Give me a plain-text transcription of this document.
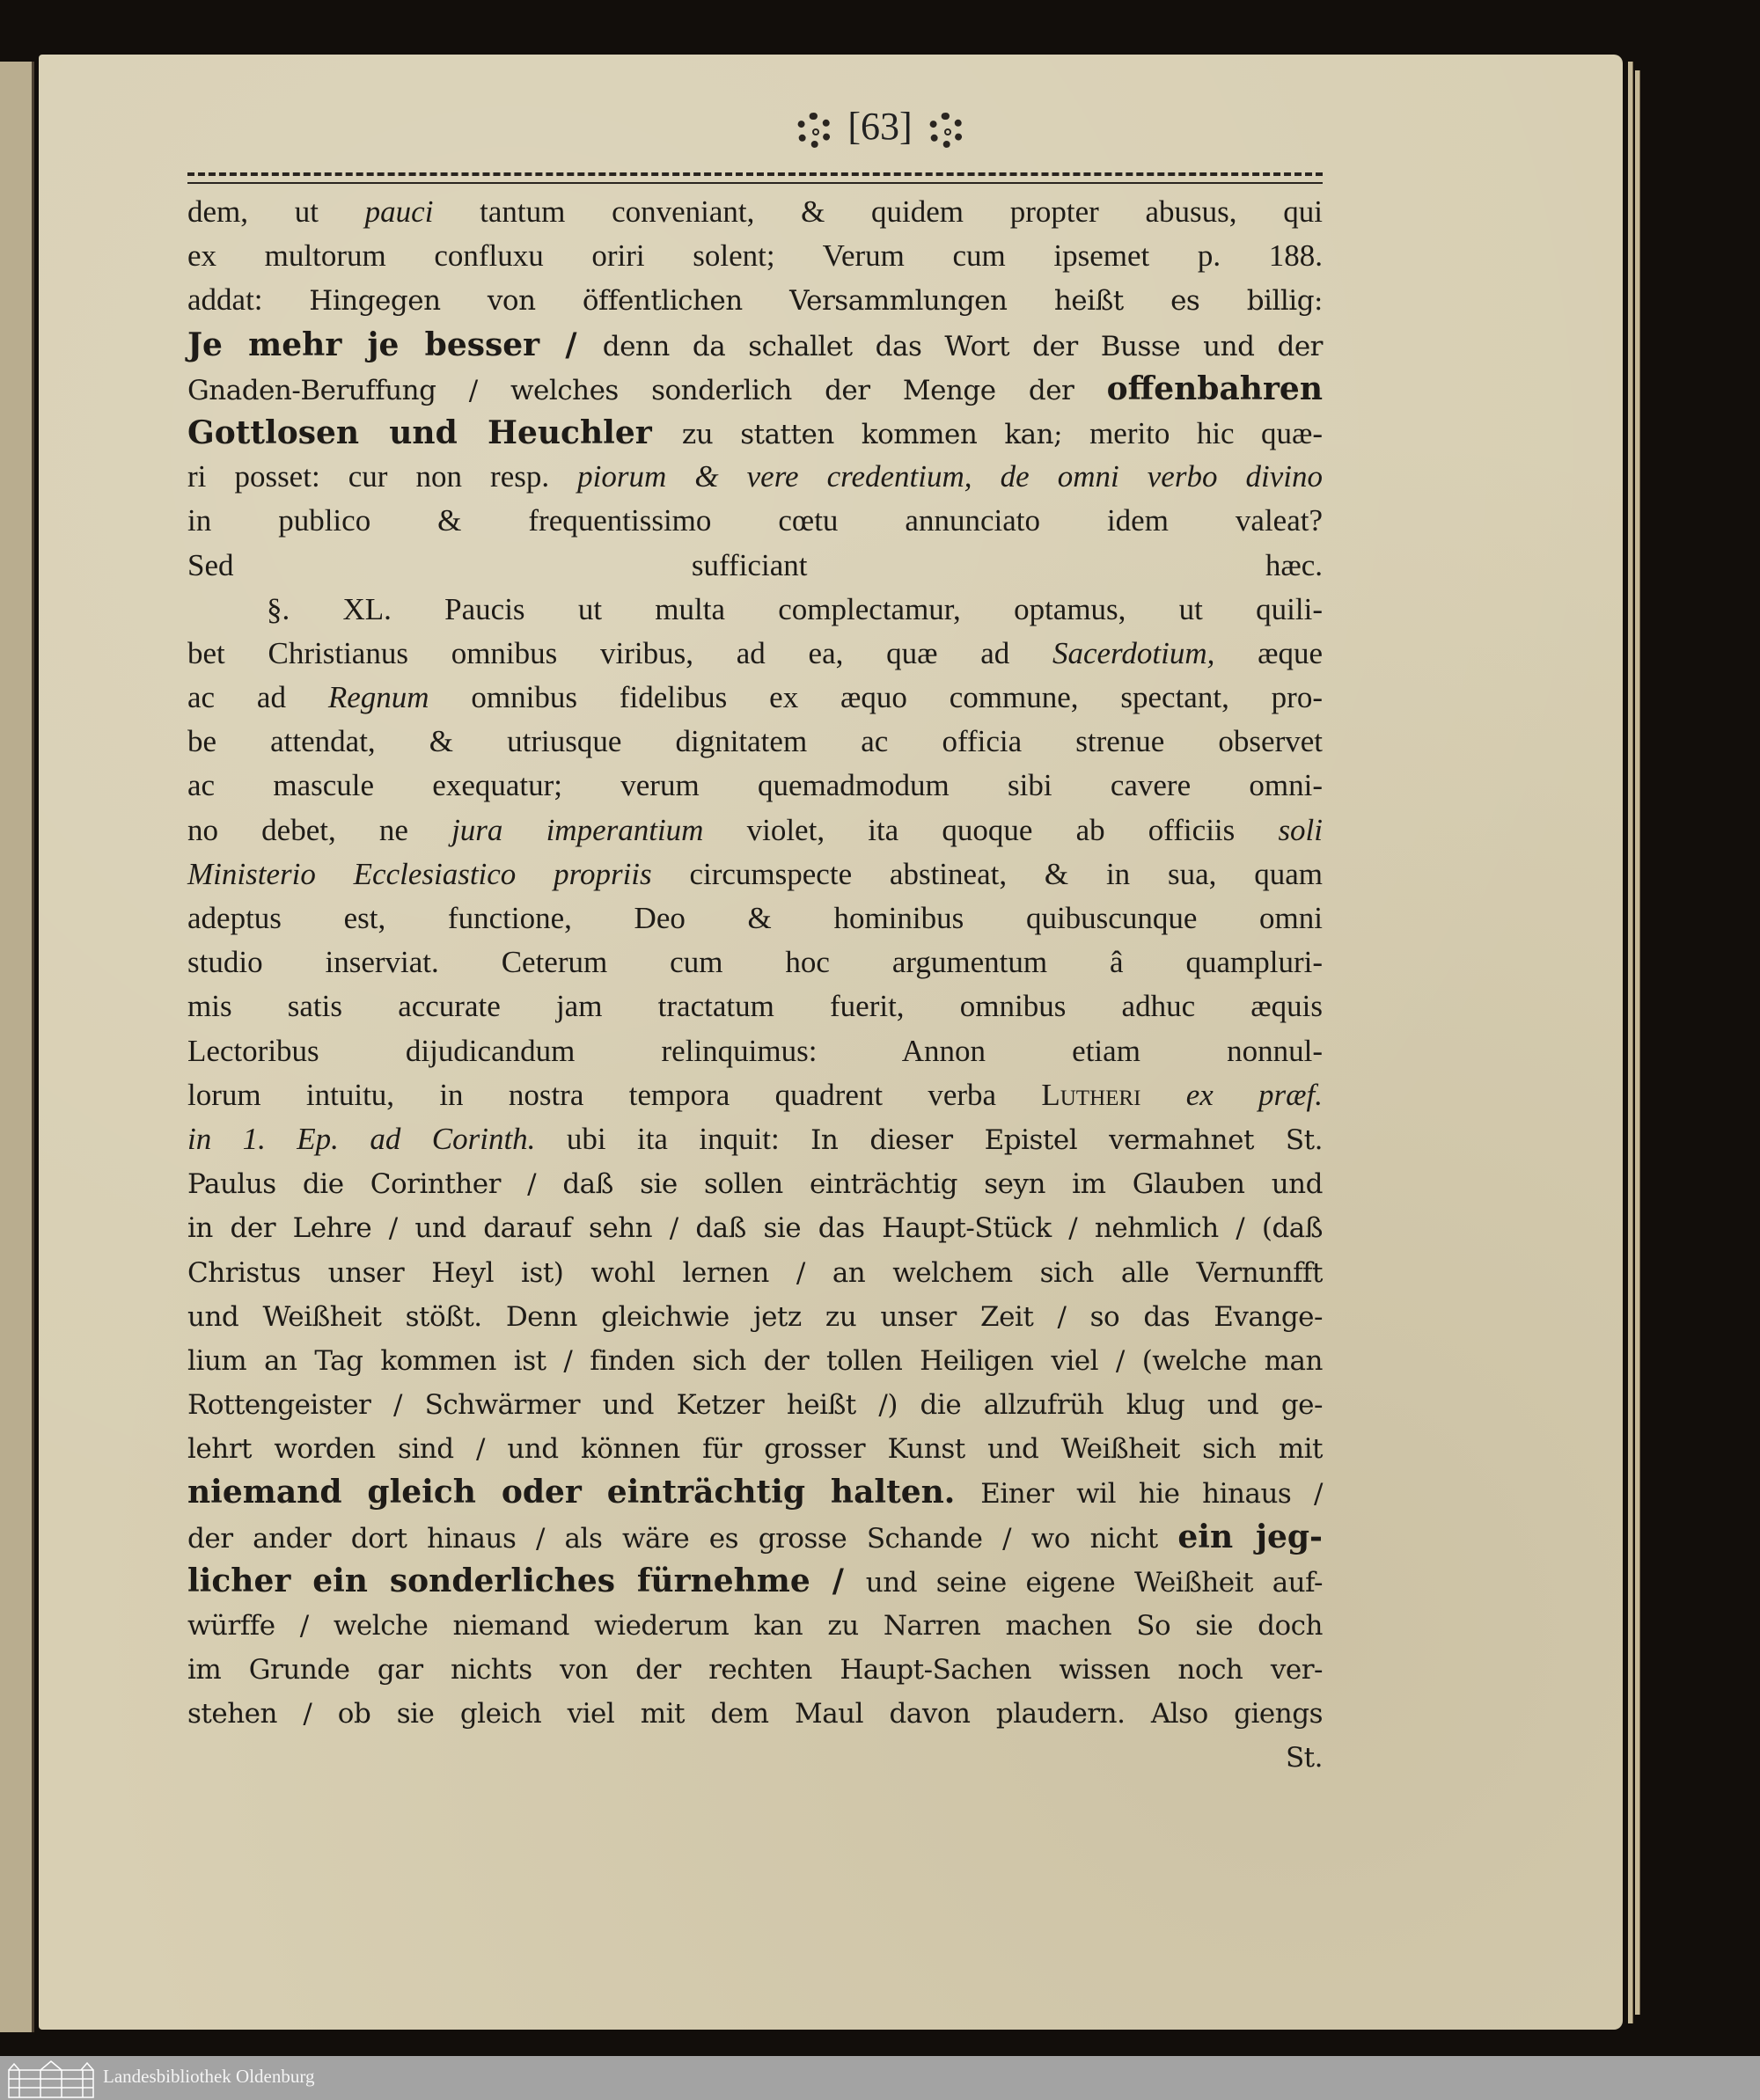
[63]
dem, ut pauci tantum conveniant, & quidem propter abusus, qui
ex multorum confluxu oriri solent; Verum cum ipsemet p. 188.
addat: Hingegen von öffentlichen Versammlungen heißt es billig:
Je mehr je besser / denn da schallet das Wort der Busse und der
Gnaden-Beruffung / welches sonderlich der Menge der offenbahren
Gottlosen und Heuchler zu statten kommen kan; merito hic quæ-
ri posset: cur non resp. piorum & vere credentium, de omni verbo divino
in publico & frequentissimo cœtu annunciato idem valeat?
Sed sufficiant hæc.
§. XL. Paucis ut multa complectamur, optamus, ut quili-
bet Christianus omnibus viribus, ad ea, quæ ad Sacerdotium, æque
ac ad Regnum omnibus fidelibus ex æquo commune, spectant, pro-
be attendat, & utriusque dignitatem ac officia strenue observet
ac mascule exequatur; verum quemadmodum sibi cavere omni-
no debet, ne jura imperantium violet, ita quoque ab officiis soli
Ministerio Ecclesiastico propriis circumspecte abstineat, & in sua, quam
adeptus est, functione, Deo & hominibus quibuscunque omni
studio inserviat. Ceterum cum hoc argumentum â quampluri-
mis satis accurate jam tractatum fuerit, omnibus adhuc æquis
Lectoribus dijudicandum relinquimus: Annon etiam nonnul-
lorum intuitu, in nostra tempora quadrent verba Lutheri ex præf.
in 1. Ep. ad Corinth. ubi ita inquit: In dieser Epistel vermahnet St.
Paulus die Corinther / daß sie sollen einträchtig seyn im Glauben und
in der Lehre / und darauf sehn / daß sie das Haupt-Stück / nehmlich / (daß
Christus unser Heyl ist) wohl lernen / an welchem sich alle Vernunfft
und Weißheit stößt. Denn gleichwie jetz zu unser Zeit / so das Evange-
lium an Tag kommen ist / finden sich der tollen Heiligen viel / (welche man
Rottengeister / Schwärmer und Ketzer heißt /) die allzufrüh klug und ge-
lehrt worden sind / und können für grosser Kunst und Weißheit sich mit
niemand gleich oder einträchtig halten. Einer wil hie hinaus /
der ander dort hinaus / als wäre es grosse Schande / wo nicht ein jeg-
licher ein sonderliches fürnehme / und seine eigene Weißheit auf-
würffe / welche niemand wiederum kan zu Narren machen So sie doch
im Grunde gar nichts von der rechten Haupt-Sachen wissen noch ver-
stehen / ob sie gleich viel mit dem Maul davon plaudern. Also giengs
St.
Landesbibliothek Oldenburg
